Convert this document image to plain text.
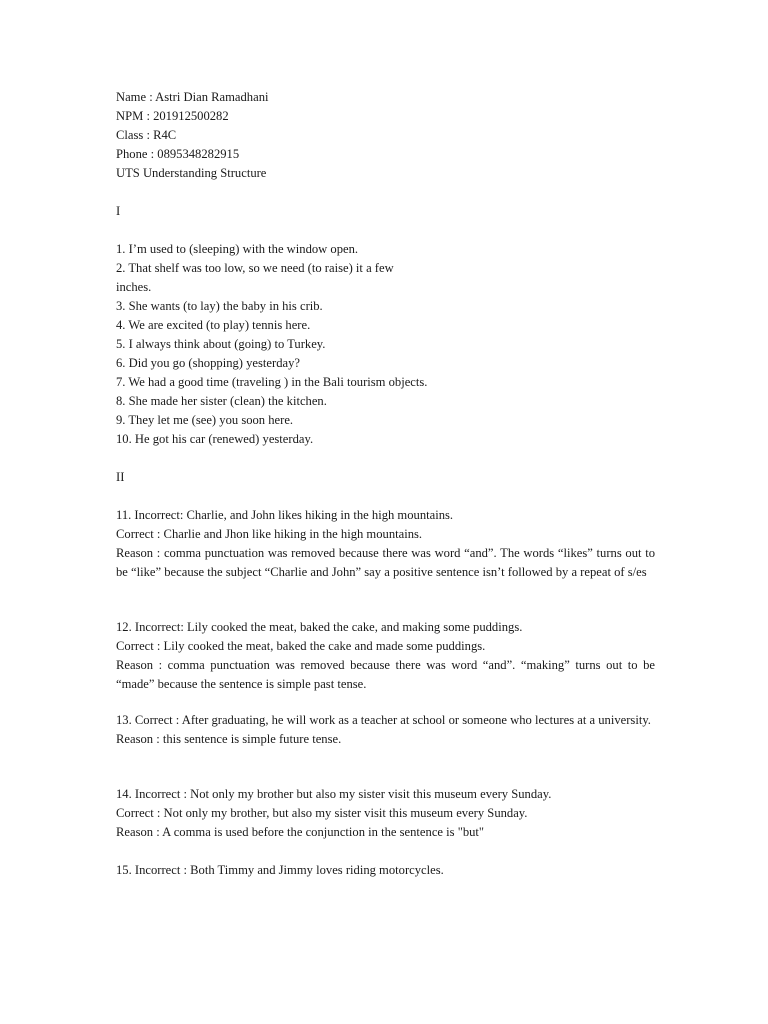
Name : Astri Dian Ramadhani
NPM : 201912500282
Class : R4C
Phone : 0895348282915
UTS Understanding Structure
I
1. I’m used to (sleeping) with the window open.
2. That shelf was too low, so we need (to raise) it a few
inches.
3. She wants (to lay) the baby in his crib.
4. We are excited (to play) tennis here.
5. I always think about (going) to Turkey.
6. Did you go (shopping) yesterday?
7. We had a good time (traveling ) in the Bali tourism objects.
8. She made her sister (clean) the kitchen.
9. They let me (see) you soon here.
10. He got his car (renewed) yesterday.
II
11. Incorrect: Charlie, and John likes hiking in the high mountains.
Correct : Charlie and Jhon like hiking in the high mountains.
Reason : comma punctuation was removed because there was word “and”. The words “likes” turns out to be “like” because the subject “Charlie and John” say a positive sentence isn’t followed by a repeat of s/es
12. Incorrect: Lily cooked the meat, baked the cake, and making some puddings.
Correct : Lily cooked the meat, baked the cake and made some puddings.
Reason : comma punctuation was removed because there was word “and”. “making” turns out to be “made” because the sentence is simple past tense.
13. Correct : After graduating, he will work as a teacher at school or someone who lectures at a university.
Reason : this sentence is simple future tense.
14. Incorrect : Not only my brother but also my sister visit this museum every Sunday.
Correct : Not only my brother, but also my sister visit this museum every Sunday.
Reason : A comma is used before the conjunction in the sentence is "but"
15. Incorrect : Both Timmy and Jimmy loves riding motorcycles.
